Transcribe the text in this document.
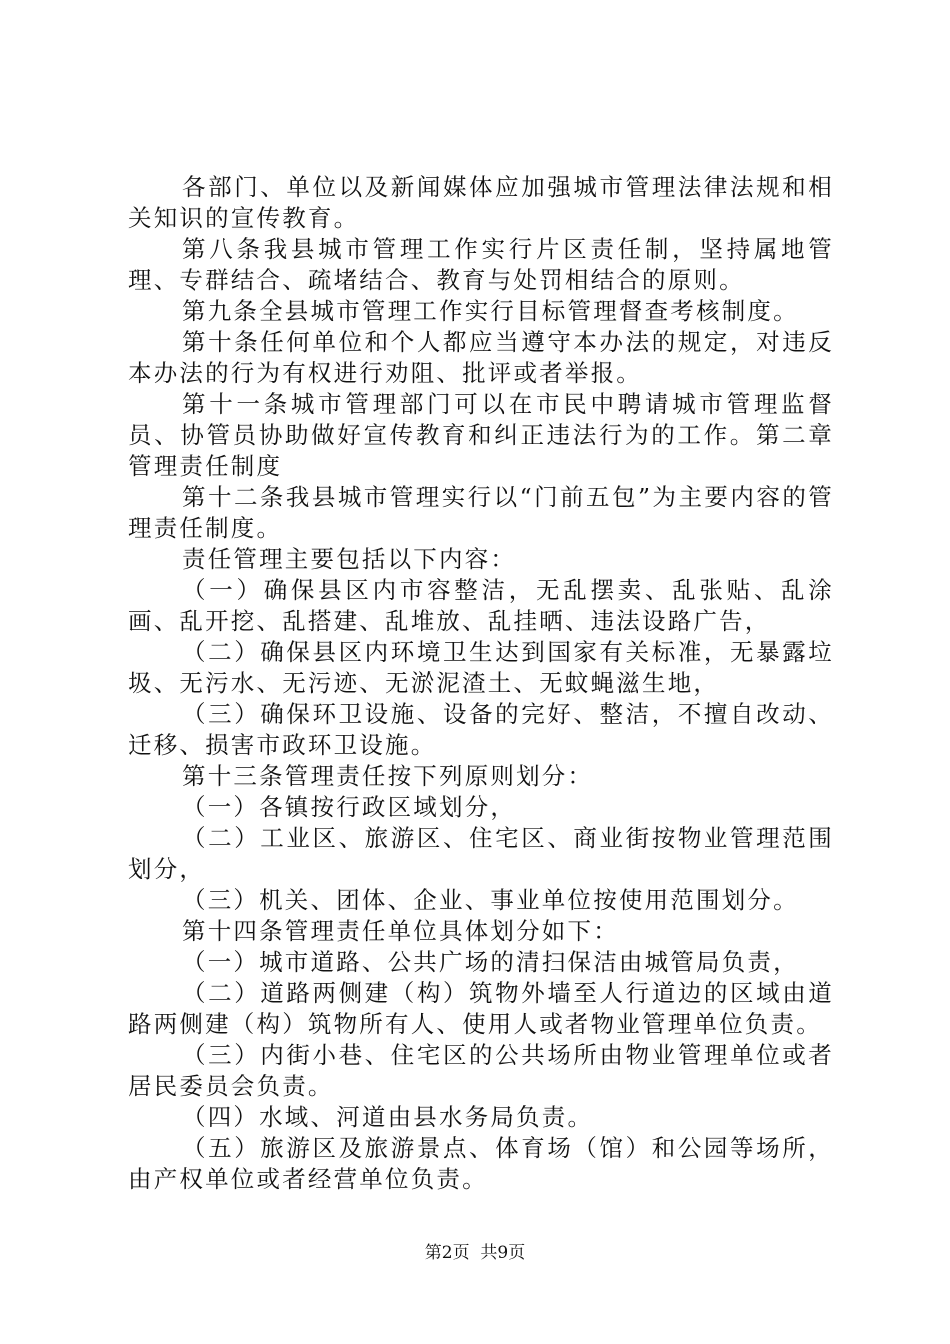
各部门、单位以及新闻媒体应加强城市管理法律法规和相关知识的宣传教育。

第八条我县城市管理工作实行片区责任制，坚持属地管理、专群结合、疏堵结合、教育与处罚相结合的原则。

第九条全县城市管理工作实行目标管理督查考核制度。

第十条任何单位和个人都应当遵守本办法的规定，对违反本办法的行为有权进行劝阻、批评或者举报。

第十一条城市管理部门可以在市民中聘请城市管理监督员、协管员协助做好宣传教育和纠正违法行为的工作。第二章管理责任制度

第十二条我县城市管理实行以“门前五包”为主要内容的管理责任制度。

责任管理主要包括以下内容：

（一）确保县区内市容整洁，无乱摆卖、乱张贴、乱涂画、乱开挖、乱搭建、乱堆放、乱挂晒、违法设路广告，

（二）确保县区内环境卫生达到国家有关标准，无暴露垃圾、无污水、无污迹、无淤泥渣土、无蚊蝇滋生地，

（三）确保环卫设施、设备的完好、整洁，不擅自改动、迁移、损害市政环卫设施。

第十三条管理责任按下列原则划分：

（一）各镇按行政区域划分，

（二）工业区、旅游区、住宅区、商业街按物业管理范围划分，

（三）机关、团体、企业、事业单位按使用范围划分。

第十四条管理责任单位具体划分如下：

（一）城市道路、公共广场的清扫保洁由城管局负责，

（二）道路两侧建（构）筑物外墙至人行道边的区域由道路两侧建（构）筑物所有人、使用人或者物业管理单位负责。

（三）内街小巷、住宅区的公共场所由物业管理单位或者居民委员会负责。

（四）水域、河道由县水务局负责。

（五）旅游区及旅游景点、体育场（馆）和公园等场所，由产权单位或者经营单位负责。

第2页  共9页
